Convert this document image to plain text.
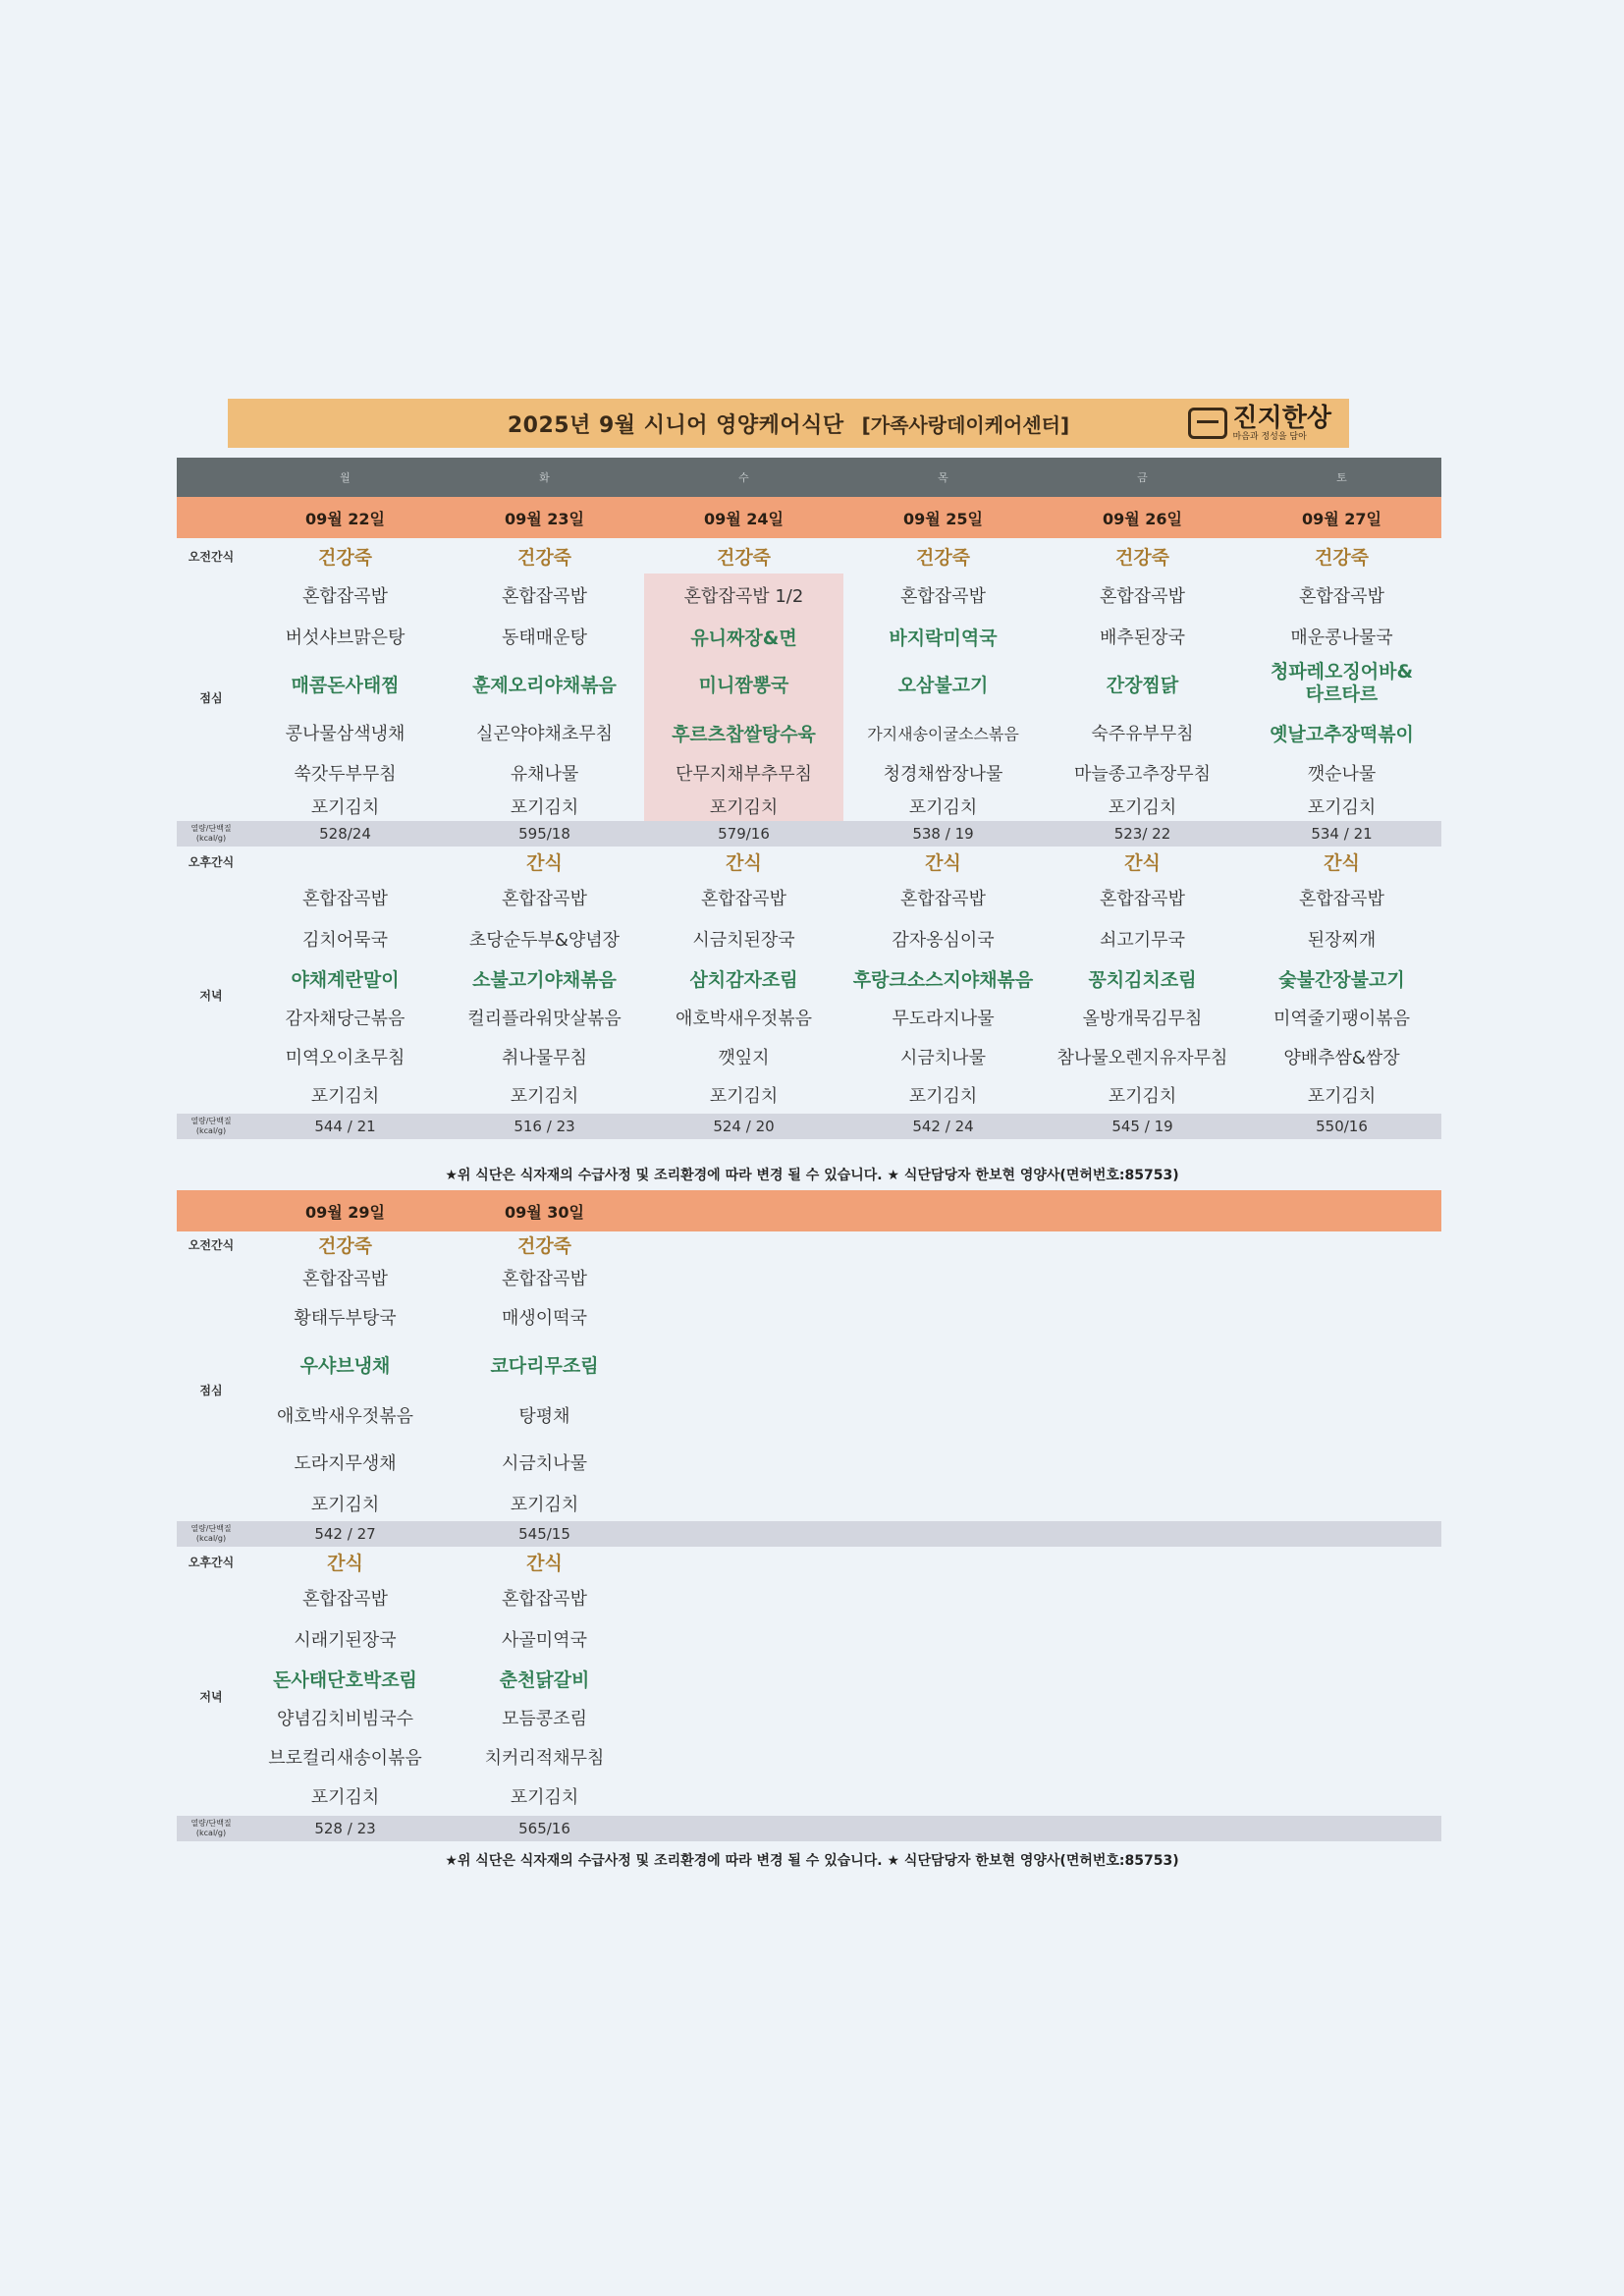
2025년 9월 시니어 영양케어식단 [가족사랑데이케어센터]	진지한상
마음과 정성을 담아
	월	화	수	목	금	토
	09월 22일	09월 23일	09월 24일	09월 25일	09월 26일	09월 27일
오전간식	건강죽	건강죽	건강죽	건강죽	건강죽	건강죽
점심	혼합잡곡밥	혼합잡곡밥	혼합잡곡밥 1/2	혼합잡곡밥	혼합잡곡밥	혼합잡곡밥
	버섯샤브맑은탕	동태매운탕	유니짜장&면	바지락미역국	배추된장국	매운콩나물국
	매콤돈사태찜	훈제오리야채볶음	미니짬뽕국	오삼불고기	간장찜닭	청파레오징어바&타르타르
	콩나물삼색냉채	실곤약야채초무침	후르츠찹쌀탕수육	가지새송이굴소스볶음	숙주유부무침	옛날고추장떡볶이
	쑥갓두부무침	유채나물	단무지채부추무침	청경채쌈장나물	마늘종고추장무침	깻순나물
	포기김치	포기김치	포기김치	포기김치	포기김치	포기김치
열량/단백질 (kcal/g)	528/24	595/18	579/16	538 / 19	523/ 22	534 / 21
오후간식		간식	간식	간식	간식	간식
저녁	혼합잡곡밥	혼합잡곡밥	혼합잡곡밥	혼합잡곡밥	혼합잡곡밥	혼합잡곡밥
	김치어묵국	초당순두부&양념장	시금치된장국	감자옹심이국	쇠고기무국	된장찌개
	야채계란말이	소불고기야채볶음	삼치감자조림	후랑크소스지야채볶음	꽁치김치조림	숯불간장불고기
	감자채당근볶음	컬리플라워맛살볶음	애호박새우젓볶음	무도라지나물	올방개묵김무침	미역줄기팽이볶음
	미역오이초무침	취나물무침	깻잎지	시금치나물	참나물오렌지유자무침	양배추쌈&쌈장
	포기김치	포기김치	포기김치	포기김치	포기김치	포기김치
열량/단백질 (kcal/g)	544 / 21	516 / 23	524 / 20	542 / 24	545 / 19	550/16
★위 식단은 식자재의 수급사정 및 조리환경에 따라 변경 될 수 있습니다. ★ 식단담당자 한보현 영양사(면허번호:85753)
	09월 29일	09월 30일				
오전간식	건강죽	건강죽				
점심	혼합잡곡밥	혼합잡곡밥				
	황태두부탕국	매생이떡국				
	우샤브냉채	코다리무조림				
	애호박새우젓볶음	탕평채				
	도라지무생채	시금치나물				
	포기김치	포기김치				
열량/단백질 (kcal/g)	542 / 27	545/15				
오후간식	간식	간식				
저녁	혼합잡곡밥	혼합잡곡밥				
	시래기된장국	사골미역국				
	돈사태단호박조림	춘천닭갈비				
	양념김치비빔국수	모듬콩조림				
	브로컬리새송이볶음	치커리적채무침				
	포기김치	포기김치				
열량/단백질 (kcal/g)	528 / 23	565/16				
★위 식단은 식자재의 수급사정 및 조리환경에 따라 변경 될 수 있습니다. ★ 식단담당자 한보현 영양사(면허번호:85753)
